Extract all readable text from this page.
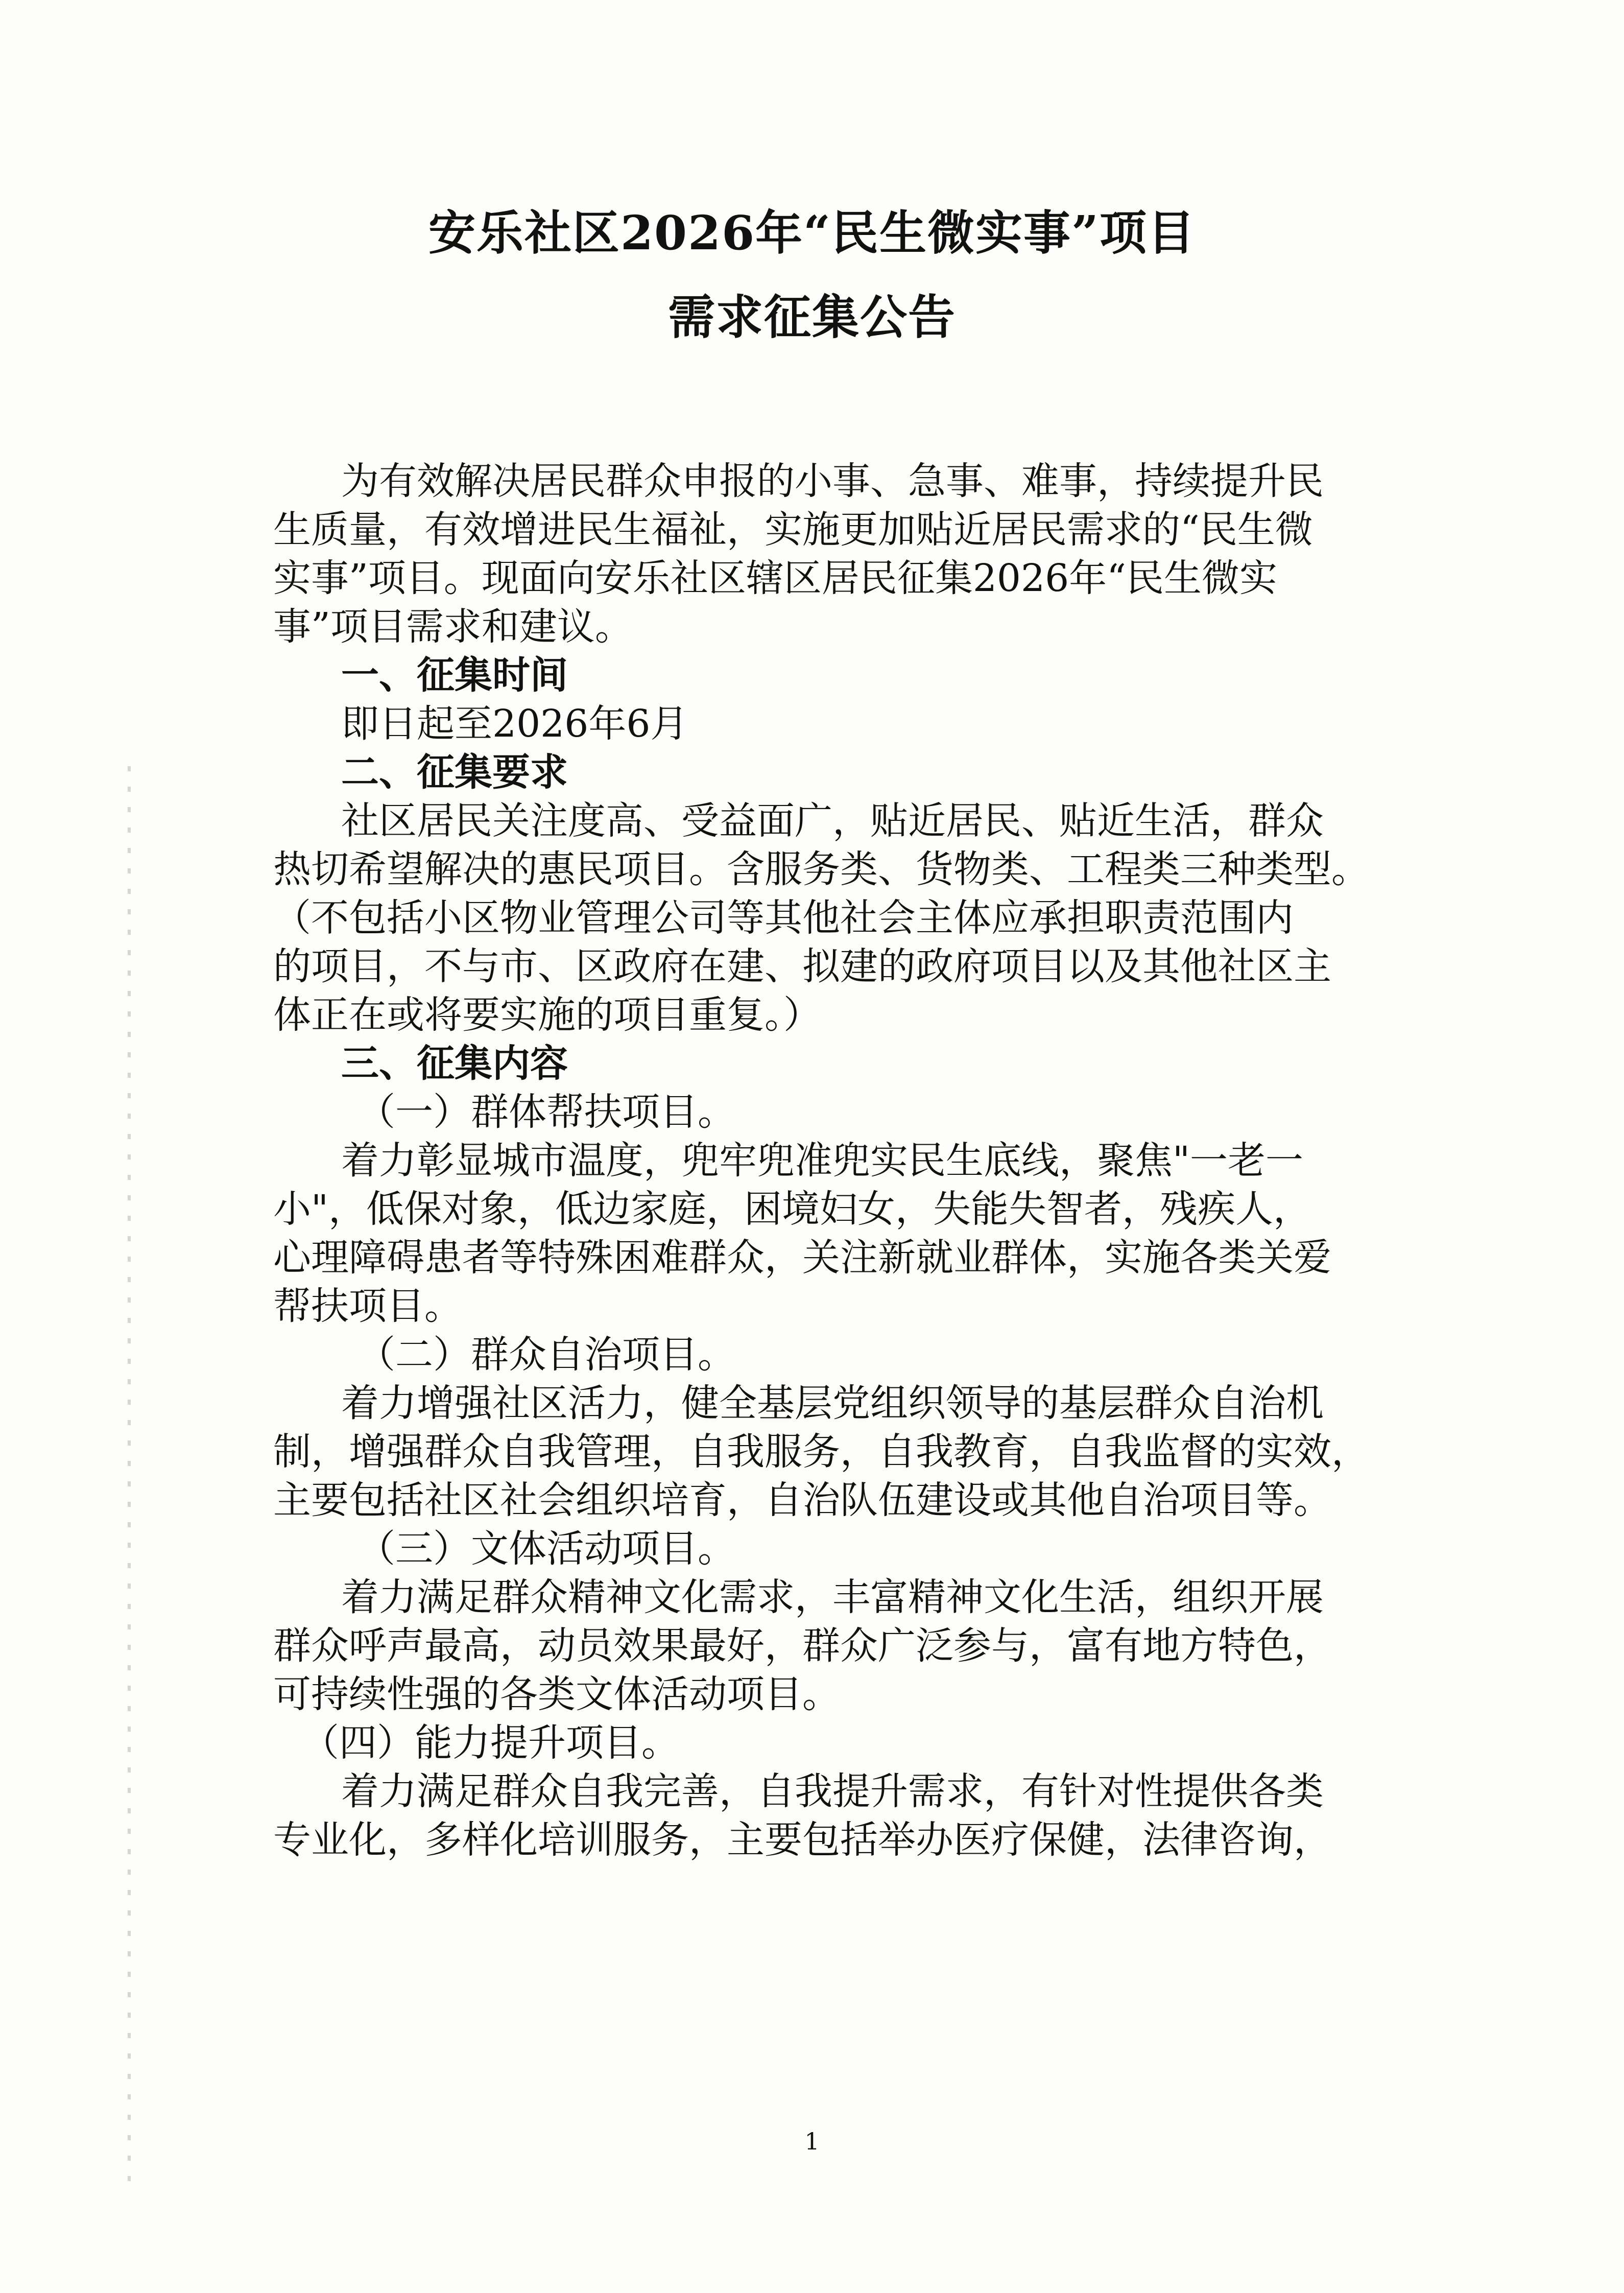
安乐社区2026年“民生微实事”项目
需求征集公告
为有效解决居民群众申报的小事、急事、难事，持续提升民
生质量，有效增进民生福祉，实施更加贴近居民需求的“民生微
实事”项目。现面向安乐社区辖区居民征集2026年“民生微实
事”项目需求和建议。
一、征集时间
即日起至2026年6月
二、征集要求
社区居民关注度高、受益面广，贴近居民、贴近生活，群众
热切希望解决的惠民项目。含服务类、货物类、工程类三种类型。
（不包括小区物业管理公司等其他社会主体应承担职责范围内
的项目，不与市、区政府在建、拟建的政府项目以及其他社区主
体正在或将要实施的项目重复。）
三、征集内容
（一）群体帮扶项目。
着力彰显城市温度，兜牢兜准兜实民生底线，聚焦"一老一
小"，低保对象，低边家庭，困境妇女，失能失智者，残疾人，
心理障碍患者等特殊困难群众，关注新就业群体，实施各类关爱
帮扶项目。
（二）群众自治项目。
着力增强社区活力，健全基层党组织领导的基层群众自治机
制，增强群众自我管理，自我服务，自我教育，自我监督的实效，
主要包括社区社会组织培育，自治队伍建设或其他自治项目等。
（三）文体活动项目。
着力满足群众精神文化需求，丰富精神文化生活，组织开展
群众呼声最高，动员效果最好，群众广泛参与，富有地方特色，
可持续性强的各类文体活动项目。
（四）能力提升项目。
着力满足群众自我完善，自我提升需求，有针对性提供各类
专业化，多样化培训服务，主要包括举办医疗保健，法律咨询，
1
